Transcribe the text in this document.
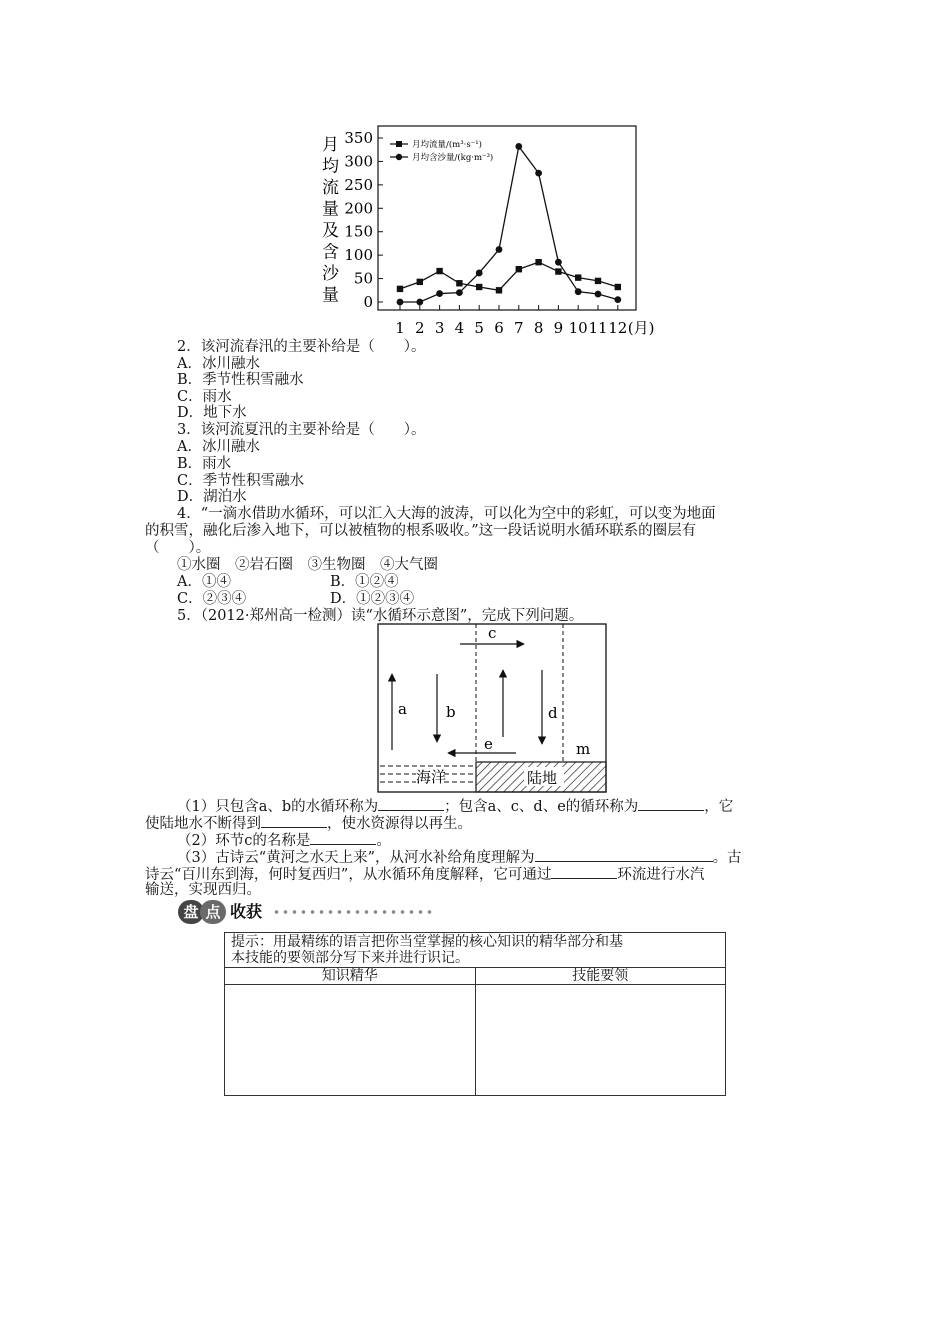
月
均
流
量
及
含
沙
量 0
50
100
150
200
250
300
350
1 2 3 4 5 6 7 8 9 10 11 12 (月)
月均流量/(m³·s⁻¹)
月均含沙量/(kg·m⁻³)
2．该河流春汛的主要补给是（　　）。
A．冰川融水
B．季节性积雪融水
C．雨水
D．地下水
3．该河流夏汛的主要补给是（　　）。
A．冰川融水
B．雨水
C．季节性积雪融水
D．湖泊水
4．“一滴水借助水循环，可以汇入大海的波涛，可以化为空中的彩虹，可以变为地面
的积雪，融化后渗入地下，可以被植物的根系吸收。”这一段话说明水循环联系的圈层有
（　　）。
①水圈　②岩石圈　③生物圈　④大气圈
A．①④	B．①②④
C．②③④	D．①②③④
5．（2012·郑州高一检测）读“水循环示意图”，完成下列问题。
a	b
c
d
e	m
海洋	陆地
（1）只包含a、b的水循环称为	；包含a、c、d、e的循环称为	，它
使陆地水不断得到	，使水资源得以再生。
（2）环节c的名称是	。
（3）古诗云“黄河之水天上来”，从河水补给角度理解为	。古
诗云“百川东到海，何时复西归”，从水循环角度解释，它可通过	环流进行水汽
输送，实现西归。
盘 点 收获
提示：用最精练的语言把你当堂掌握的核心知识的精华部分和基
本技能的要领部分写下来并进行识记。	

知识精华	技能要领
